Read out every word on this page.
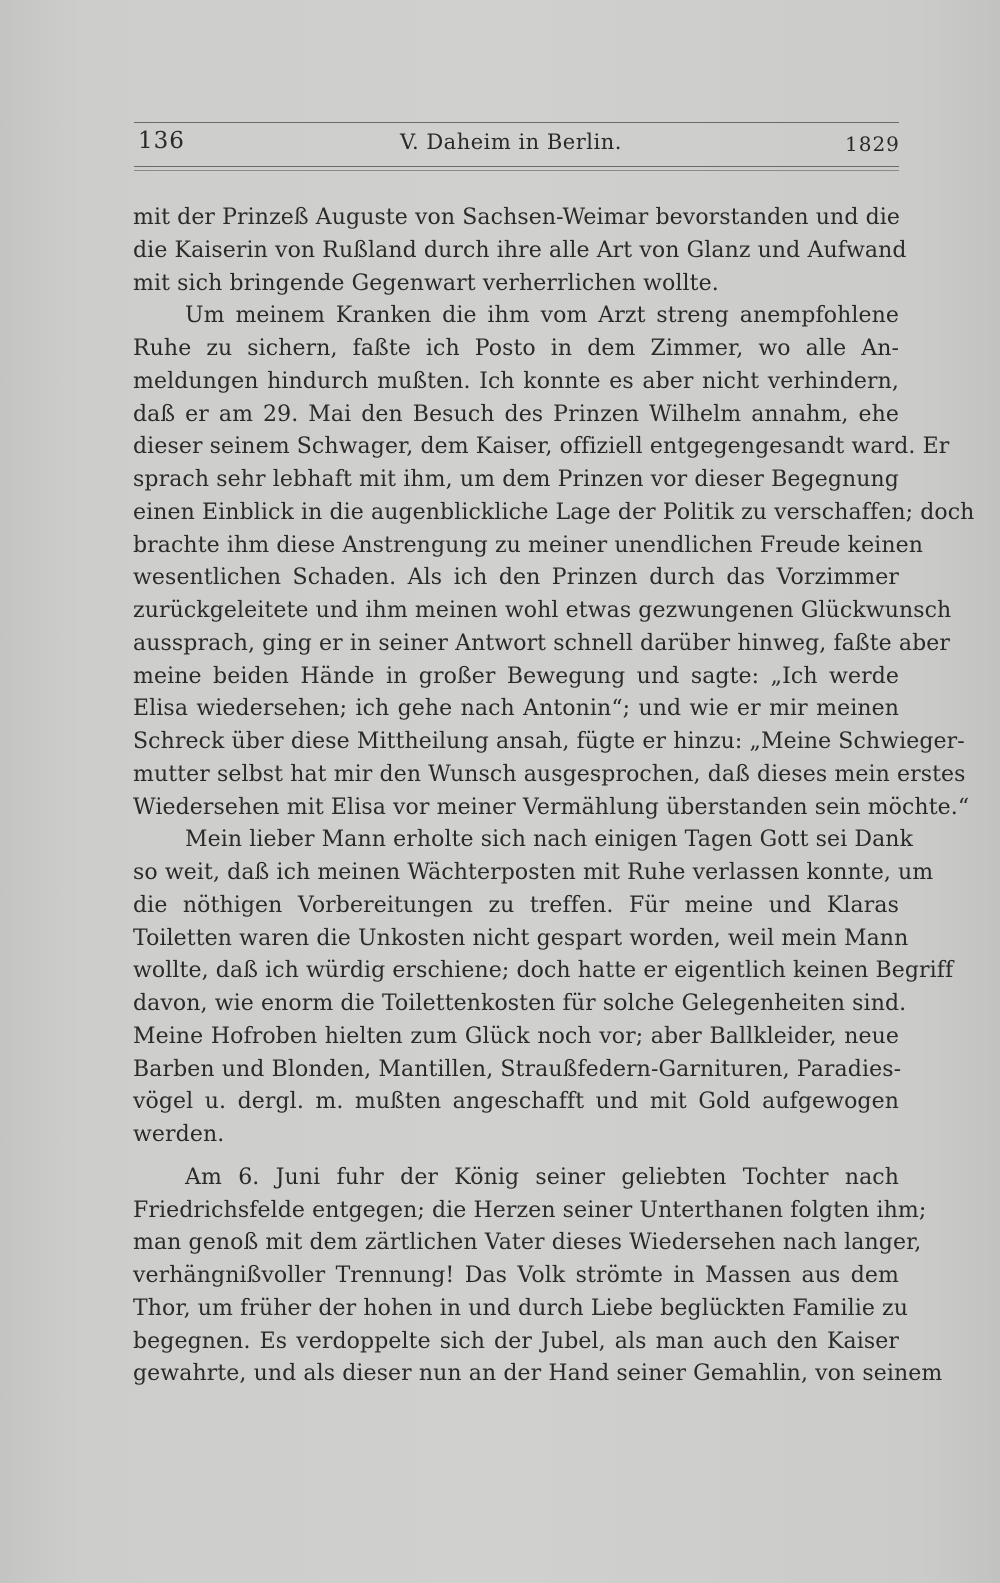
136	V. Daheim in Berlin.	1829
mit der Prinzeß Auguste von Sachsen-Weimar bevorstanden und die
die Kaiserin von Rußland durch ihre alle Art von Glanz und Aufwand
mit sich bringende Gegenwart verherrlichen wollte.
Um meinem Kranken die ihm vom Arzt streng anempfohlene
Ruhe zu sichern, faßte ich Posto in dem Zimmer, wo alle An-
meldungen hindurch mußten. Ich konnte es aber nicht verhindern,
daß er am 29. Mai den Besuch des Prinzen Wilhelm annahm, ehe
dieser seinem Schwager, dem Kaiser, offiziell entgegengesandt ward. Er
sprach sehr lebhaft mit ihm, um dem Prinzen vor dieser Begegnung
einen Einblick in die augenblickliche Lage der Politik zu verschaffen; doch
brachte ihm diese Anstrengung zu meiner unendlichen Freude keinen
wesentlichen Schaden. Als ich den Prinzen durch das Vorzimmer
zurückgeleitete und ihm meinen wohl etwas gezwungenen Glückwunsch
aussprach, ging er in seiner Antwort schnell darüber hinweg, faßte aber
meine beiden Hände in großer Bewegung und sagte: „Ich werde
Elisa wiedersehen; ich gehe nach Antonin“; und wie er mir meinen
Schreck über diese Mittheilung ansah, fügte er hinzu: „Meine Schwieger-
mutter selbst hat mir den Wunsch ausgesprochen, daß dieses mein erstes
Wiedersehen mit Elisa vor meiner Vermählung überstanden sein möchte.“
Mein lieber Mann erholte sich nach einigen Tagen Gott sei Dank
so weit, daß ich meinen Wächterposten mit Ruhe verlassen konnte, um
die nöthigen Vorbereitungen zu treffen. Für meine und Klaras
Toiletten waren die Unkosten nicht gespart worden, weil mein Mann
wollte, daß ich würdig erschiene; doch hatte er eigentlich keinen Begriff
davon, wie enorm die Toilettenkosten für solche Gelegenheiten sind.
Meine Hofroben hielten zum Glück noch vor; aber Ballkleider, neue
Barben und Blonden, Mantillen, Straußfedern-Garnituren, Paradies-
vögel u. dergl. m. mußten angeschafft und mit Gold aufgewogen
werden.
Am 6. Juni fuhr der König seiner geliebten Tochter nach
Friedrichsfelde entgegen; die Herzen seiner Unterthanen folgten ihm;
man genoß mit dem zärtlichen Vater dieses Wiedersehen nach langer,
verhängnißvoller Trennung! Das Volk strömte in Massen aus dem
Thor, um früher der hohen in und durch Liebe beglückten Familie zu
begegnen. Es verdoppelte sich der Jubel, als man auch den Kaiser
gewahrte, und als dieser nun an der Hand seiner Gemahlin, von seinem
